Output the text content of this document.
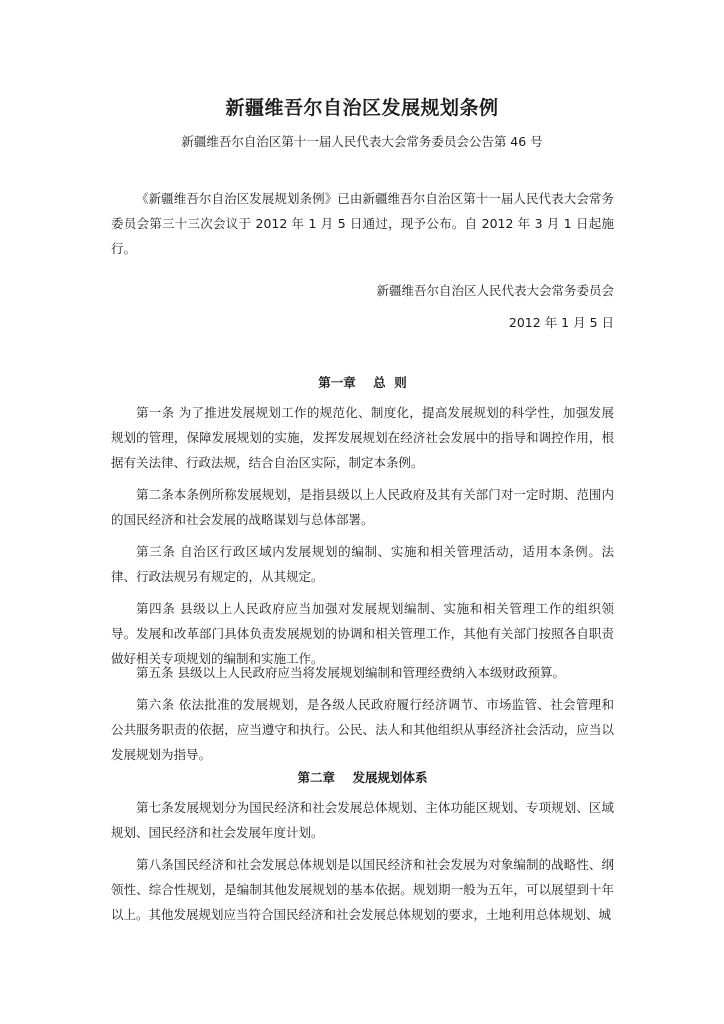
新疆维吾尔自治区发展规划条例

新疆维吾尔自治区第十一届人民代表大会常务委员会公告第 46 号

《新疆维吾尔自治区发展规划条例》已由新疆维吾尔自治区第十一届人民代表大会常务委员会第三十三次会议于 2012 年 1 月 5 日通过，现予公布。自 2012 年 3 月 1 日起施行。

新疆维吾尔自治区人民代表大会常务委员会

2012 年 1 月 5 日

第一章    总  则

第一条 为了推进发展规划工作的规范化、制度化，提高发展规划的科学性，加强发展规划的管理，保障发展规划的实施，发挥发展规划在经济社会发展中的指导和调控作用，根据有关法律、行政法规，结合自治区实际，制定本条例。

第二条本条例所称发展规划，是指县级以上人民政府及其有关部门对一定时期、范围内的国民经济和社会发展的战略谋划与总体部署。

第三条 自治区行政区域内发展规划的编制、实施和相关管理活动，适用本条例。法律、行政法规另有规定的，从其规定。

第四条 县级以上人民政府应当加强对发展规划编制、实施和相关管理工作的组织领导。发展和改革部门具体负责发展规划的协调和相关管理工作，其他有关部门按照各自职责做好相关专项规划的编制和实施工作。

第五条 县级以上人民政府应当将发展规划编制和管理经费纳入本级财政预算。

第六条 依法批准的发展规划，是各级人民政府履行经济调节、市场监管、社会管理和公共服务职责的依据，应当遵守和执行。公民、法人和其他组织从事经济社会活动，应当以发展规划为指导。

第二章    发展规划体系

第七条发展规划分为国民经济和社会发展总体规划、主体功能区规划、专项规划、区域规划、国民经济和社会发展年度计划。

第八条国民经济和社会发展总体规划是以国民经济和社会发展为对象编制的战略性、纲领性、综合性规划，是编制其他发展规划的基本依据。规划期一般为五年，可以展望到十年以上。其他发展规划应当符合国民经济和社会发展总体规划的要求，土地利用总体规划、城
